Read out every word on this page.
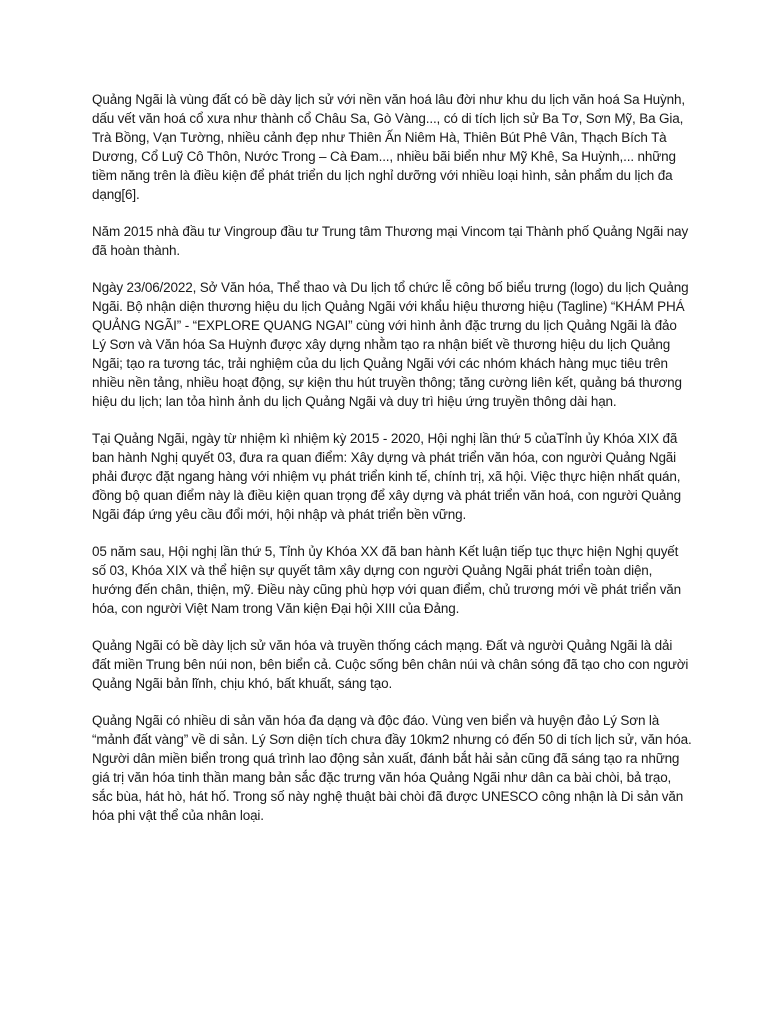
Quảng Ngãi là vùng đất có bề dày lịch sử với nền văn hoá lâu đời như khu du lịch văn hoá Sa Huỳnh, dấu vết văn hoá cổ xưa như thành cổ Châu Sa, Gò Vàng..., có di tích lịch sử Ba Tơ, Sơn Mỹ, Ba Gia, Trà Bồng, Vạn Tường, nhiều cảnh đẹp như Thiên Ấn Niêm Hà, Thiên Bút Phê Vân, Thạch Bích Tà Dương, Cổ Luỹ Cô Thôn, Nước Trong – Cà Đam..., nhiều bãi biển như Mỹ Khê, Sa Huỳnh,... những tiềm năng trên là điều kiện để phát triển du lịch nghỉ dưỡng với nhiều loại hình, sản phẩm du lịch đa dạng[6].

Năm 2015 nhà đầu tư Vingroup đầu tư Trung tâm Thương mại Vincom tại Thành phố Quảng Ngãi nay đã hoàn thành.

Ngày 23/06/2022, Sở Văn hóa, Thể thao và Du lịch tổ chức lễ công bố biểu trưng (logo) du lịch Quảng Ngãi. Bộ nhận diện thương hiệu du lịch Quảng Ngãi với khẩu hiệu thương hiệu (Tagline) “KHÁM PHÁ QUẢNG NGÃI” - “EXPLORE QUANG NGAI” cùng với hình ảnh đặc trưng du lịch Quảng Ngãi là đảo Lý Sơn và Văn hóa Sa Huỳnh được xây dựng nhằm tạo ra nhận biết về thương hiệu du lịch Quảng Ngãi; tạo ra tương tác, trải nghiệm của du lịch Quảng Ngãi với các nhóm khách hàng mục tiêu trên nhiều nền tảng, nhiều hoạt động, sự kiện thu hút truyền thông; tăng cường liên kết, quảng bá thương hiệu du lịch; lan tỏa hình ảnh du lịch Quảng Ngãi và duy trì hiệu ứng truyền thông dài hạn.

Tại Quảng Ngãi, ngày từ nhiệm kì nhiệm kỳ 2015 - 2020, Hội nghị lần thứ 5 củaTỉnh ủy Khóa XIX đã ban hành Nghị quyết 03, đưa ra quan điểm: Xây dựng và phát triển văn hóa, con người Quảng Ngãi phải được đặt ngang hàng với nhiệm vụ phát triển kinh tế, chính trị, xã hội. Việc thực hiện nhất quán, đồng bộ quan điểm này là điều kiện quan trọng để xây dựng và phát triển văn hoá, con người Quảng Ngãi đáp ứng yêu cầu đổi mới, hội nhập và phát triển bền vững.

05 năm sau, Hội nghị lần thứ 5, Tỉnh ủy Khóa XX đã ban hành Kết luận tiếp tục thực hiện Nghị quyết số 03, Khóa XIX và thể hiện sự quyết tâm xây dựng con người Quảng Ngãi phát triển toàn diện, hướng đến chân, thiện, mỹ. Điều này cũng phù hợp với quan điểm, chủ trương mới về phát triển văn hóa, con người Việt Nam trong Văn kiện Đại hội XIII của Đảng.

Quảng Ngãi có bề dày lịch sử văn hóa và truyền thống cách mạng. Đất và người Quảng Ngãi là dải đất miền Trung bên núi non, bên biển cả. Cuộc sống bên chân núi và chân sóng đã tạo cho con người Quảng Ngãi bản lĩnh, chịu khó, bất khuất, sáng tạo.

Quảng Ngãi có nhiều di sản văn hóa đa dạng và độc đáo. Vùng ven biển và huyện đảo Lý Sơn là “mảnh đất vàng” về di sản. Lý Sơn diện tích chưa đầy 10km2 nhưng có đến 50 di tích lịch sử, văn hóa. Người dân miền biển trong quá trình lao động sản xuất, đánh bắt hải sản cũng đã sáng tạo ra những giá trị văn hóa tinh thần mang bản sắc đặc trưng văn hóa Quảng Ngãi như dân ca bài chòi, bả trạo, sắc bùa, hát hò, hát hố. Trong số này nghệ thuật bài chòi đã được UNESCO công nhận là Di sản văn hóa phi vật thể của nhân loại.
